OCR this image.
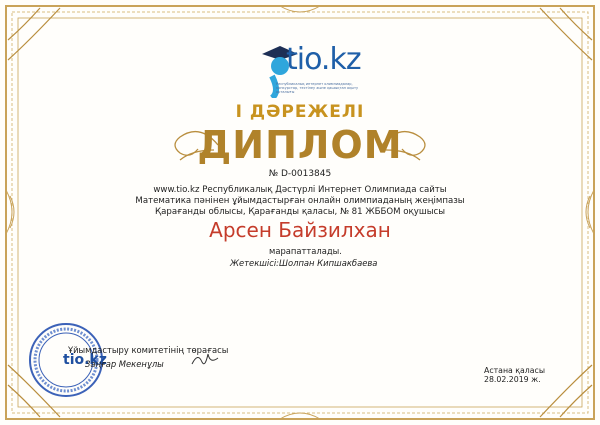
tio.kz
Республикалық интернет олимпиадалар, конкурстар, тестілеу және қашықтан оқыту орталығы
І ДӘРЕЖЕЛІ
ДИПЛОМ
№ D-0013845
www.tio.kz Республикалық Дәстүрлі Интернет Олимпиада сайты
Математика пәнінен ұйымдастырған онлайн олимпиаданың жеңімпазы
Қарағанды облысы, Қарағанды қаласы, № 81 ЖББОМ оқушысы
Арсен Байзилхан
марапатталады.
Жетекшісі:Шолпан Кипшакбаева
tio.kz
Ұйымдастыру комитетінің төрағасы
Заңғар Мекенұлы
Астана қаласы
28.02.2019 ж.
